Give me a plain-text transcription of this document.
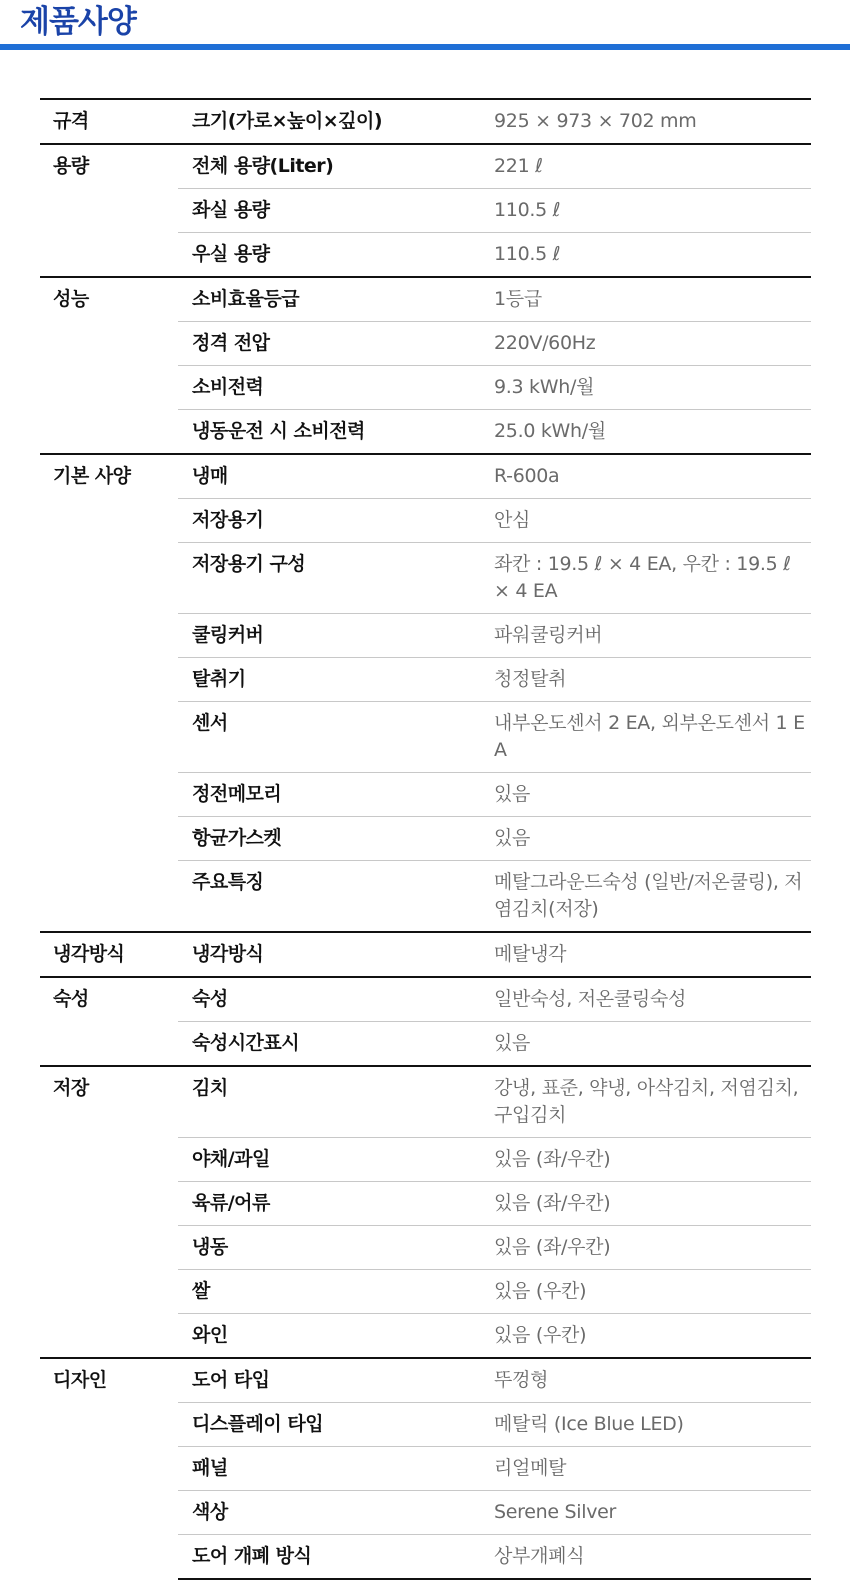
제품사양
규격	크기(가로×높이×깊이)	925 × 973 × 702 mm
용량	전체 용량(Liter)	221 ℓ
	좌실 용량	110.5 ℓ
	우실 용량	110.5 ℓ
성능	소비효율등급	1등급
	정격 전압	220V/60Hz
	소비전력	9.3 kWh/월
	냉동운전 시 소비전력	25.0 kWh/월
기본 사양	냉매	R-600a
	저장용기	안심
	저장용기 구성	좌칸 : 19.5 ℓ × 4 EA, 우칸 : 19.5 ℓ × 4 EA
	쿨링커버	파워쿨링커버
	탈취기	청정탈취
	센서	내부온도센서 2 EA, 외부온도센서 1 EA
	정전메모리	있음
	항균가스켓	있음
	주요특징	메탈그라운드숙성 (일반/저온쿨링), 저염김치(저장)
냉각방식	냉각방식	메탈냉각
숙성	숙성	일반숙성, 저온쿨링숙성
	숙성시간표시	있음
저장	김치	강냉, 표준, 약냉, 아삭김치, 저염김치, 구입김치
	야채/과일	있음 (좌/우칸)
	육류/어류	있음 (좌/우칸)
	냉동	있음 (좌/우칸)
	쌀	있음 (우칸)
	와인	있음 (우칸)
디자인	도어 타입	뚜껑형
	디스플레이 타입	메탈릭 (Ice Blue LED)
	패널	리얼메탈
	색상	Serene Silver
	도어 개폐 방식	상부개폐식
